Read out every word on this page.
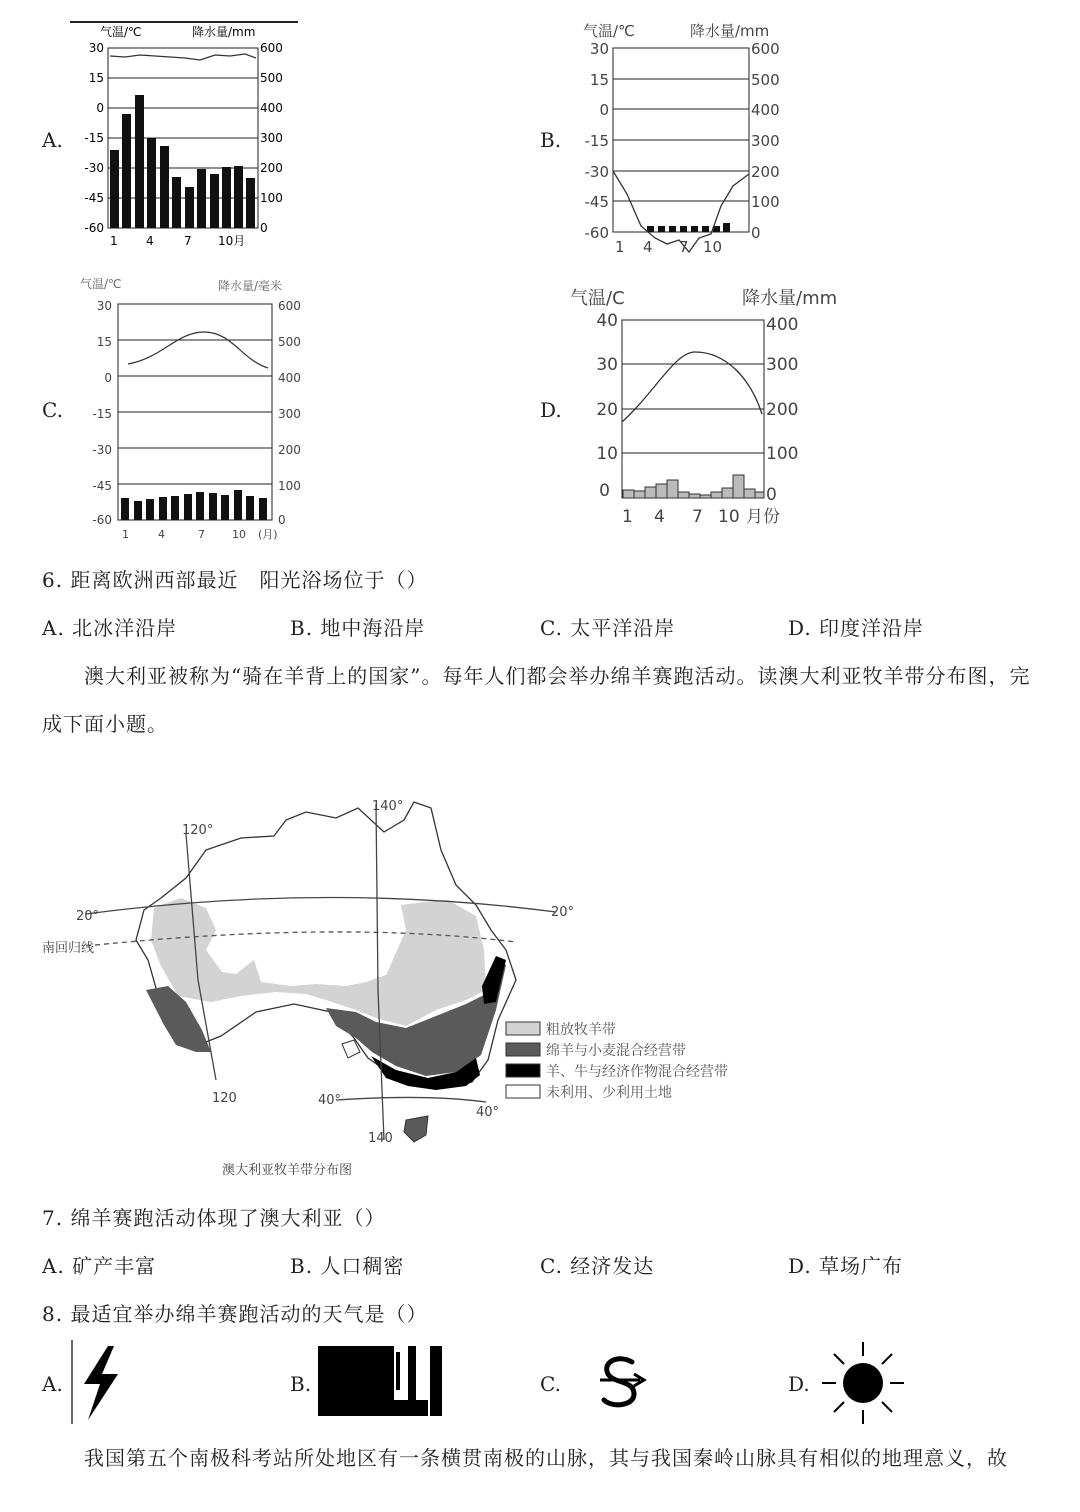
A.
气温/℃	降水量/mm
30
15
0
-15
-30
-45
-60
600
500
400
300
200
100
0
1 4	7 10月
B.
气温/℃	降水量/mm
30
15
0
-15
-30
-45
-60
600
500
400
300
200
100
0
1 4 7 10
C.
气温/℃	降水量/毫米
30
15
0
-15
-30
-45
-60
600
500
400
300
200
100
0
1	4	7 10 (月)
D.
气温/C	降水量/mm
40
30
20
10
0
400
300
200
100
0
1 4 7 10 月份
6. 距离欧洲西部最近　阳光浴场位于（）
A. 北冰洋沿岸	B. 地中海沿岸	C. 太平洋沿岸	D. 印度洋沿岸
澳大利亚被称为“骑在羊背上的国家”。每年人们都会举办绵羊赛跑活动。读澳大利亚牧羊带分布图，完
成下面小题。
20°	20°
南回归线
40°
40°
120°
120
140°
140
澳大利亚牧羊带分布图
粗放牧羊带
绵羊与小麦混合经营带
羊、牛与经济作物混合经营带
未利用、少利用土地
7. 绵羊赛跑活动体现了澳大利亚（）
A. 矿产丰富	B. 人口稠密	C. 经济发达	D. 草场广布
8. 最适宜举办绵羊赛跑活动的天气是（）
A.	B.	C.	D.
我国第五个南极科考站所处地区有一条横贯南极的山脉，其与我国秦岭山脉具有相似的地理意义，故
